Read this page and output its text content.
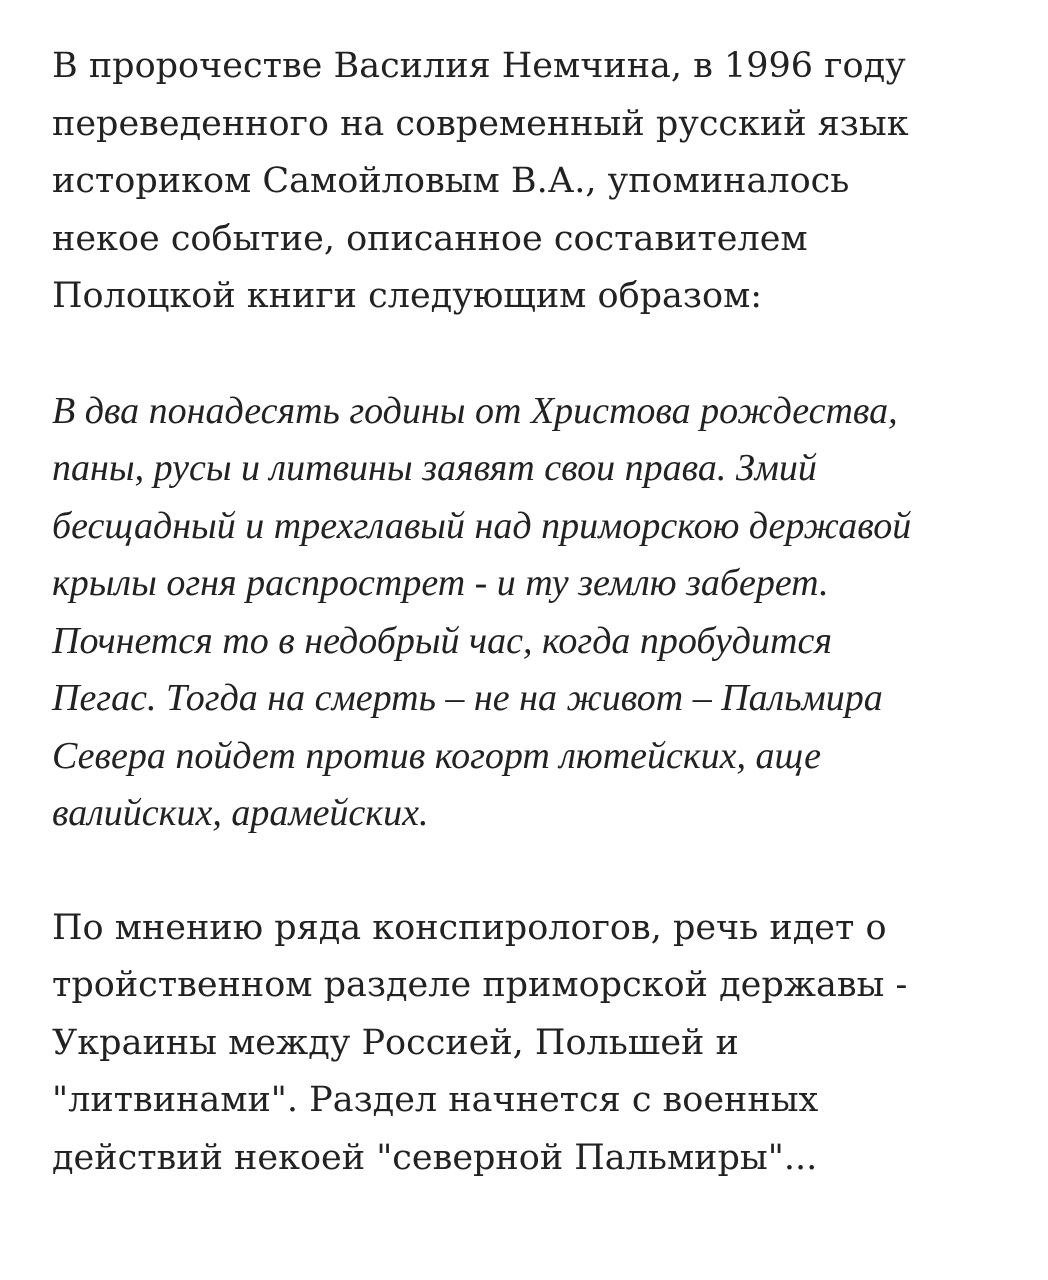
В пророчестве Василия Немчина, в 1996 году
переведенного на современный русский язык
историком Самойловым В.А., упоминалось
некое событие, описанное составителем
Полоцкой книги следующим образом:

В два понадесять годины от Христова рождества,
паны, русы и литвины заявят свои права. Змий
бесщадный и трехглавый над приморскою державой
крылы огня распрострет - и ту землю заберет.
Почнется то в недобрый час, когда пробудится
Пегас. Тогда на смерть – не на живот – Пальмира
Севера пойдет против когорт лютейских, аще
валийских, арамейских.

По мнению ряда конспирологов, речь идет о
тройственном разделе приморской державы -
Украины между Россией, Польшей и
"литвинами". Раздел начнется с военных
действий некоей "северной Пальмиры"...
